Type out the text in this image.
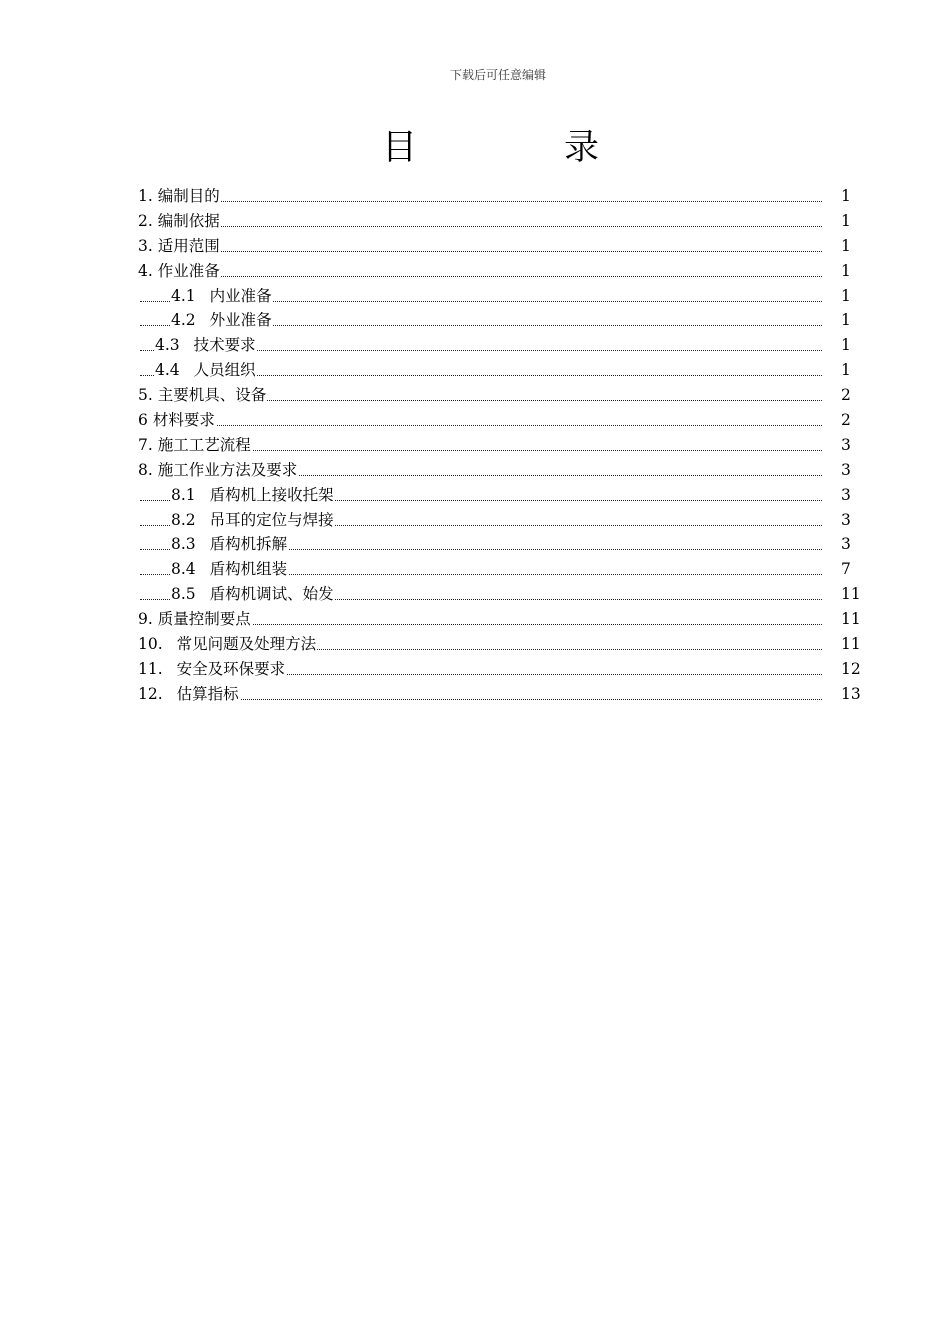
下载后可任意编辑
目	录
1. 编制目的	1
2. 编制依据	1
3. 适用范围	1
4. 作业准备	1
4.1 内业准备	1
4.2 外业准备	1
4.3 技术要求	1
4.4 人员组织	1
5. 主要机具、设备	2
6 材料要求	2
7. 施工工艺流程	3
8. 施工作业方法及要求	3
8.1 盾构机上接收托架	3
8.2 吊耳的定位与焊接	3
8.3 盾构机拆解	3
8.4 盾构机组装	7
8.5 盾构机调试、始发	11
9. 质量控制要点	11
10. 常见问题及处理方法	11
11. 安全及环保要求	12
12. 估算指标	13
